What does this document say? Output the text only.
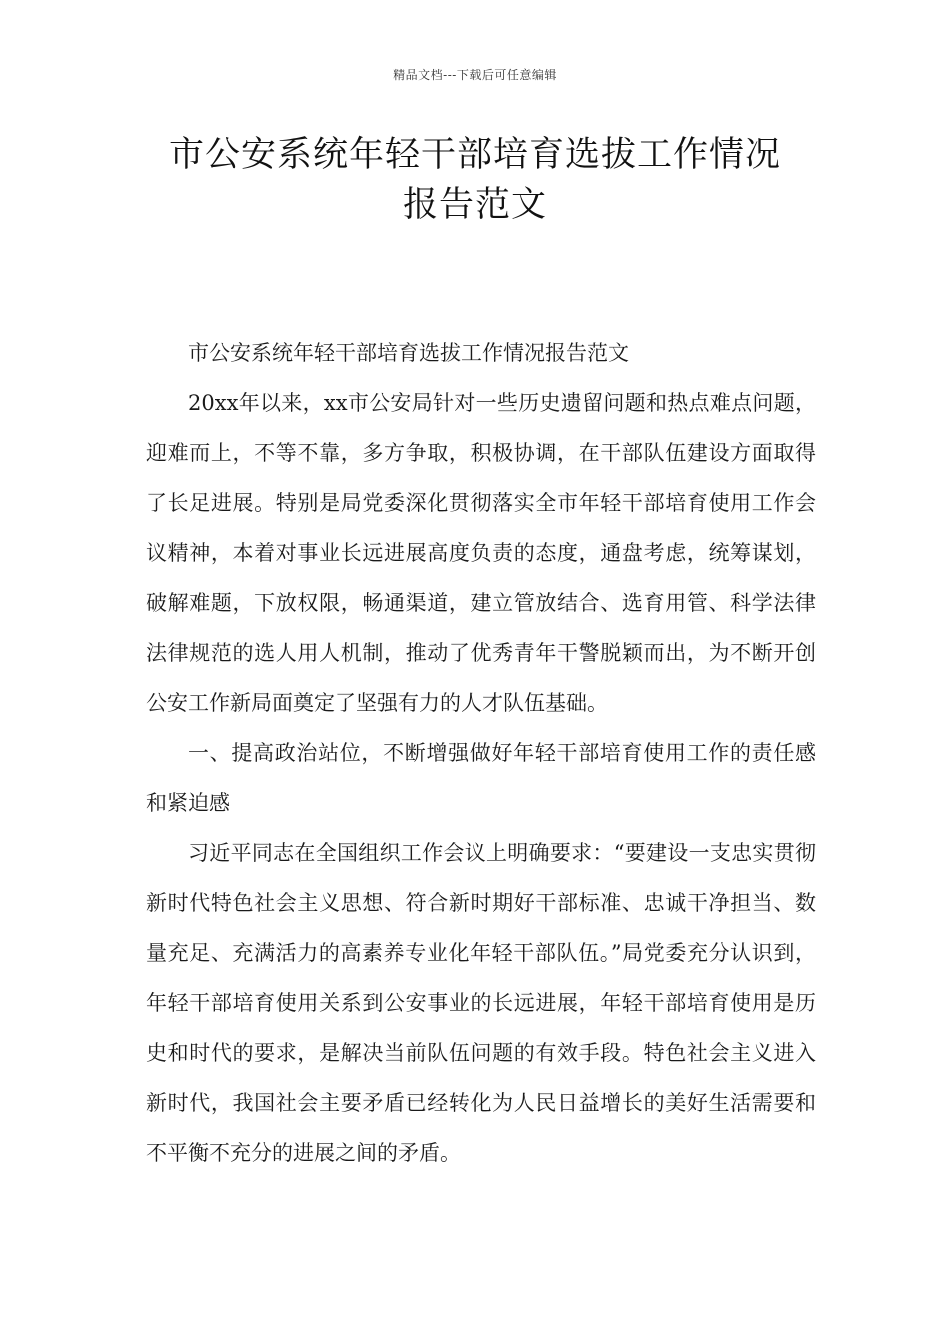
精品文档---下载后可任意编辑
市公安系统年轻干部培育选拔工作情况
报告范文

市公安系统年轻干部培育选拔工作情况报告范文

20xx年以来，xx市公安局针对一些历史遗留问题和热点难点问题，迎难而上，不等不靠，多方争取，积极协调，在干部队伍建设方面取得了长足进展。特别是局党委深化贯彻落实全市年轻干部培育使用工作会议精神，本着对事业长远进展高度负责的态度，通盘考虑，统筹谋划，破解难题，下放权限，畅通渠道，建立管放结合、选育用管、科学法律法律规范的选人用人机制，推动了优秀青年干警脱颖而出，为不断开创公安工作新局面奠定了坚强有力的人才队伍基础。

一、提高政治站位，不断增强做好年轻干部培育使用工作的责任感和紧迫感

习近平同志在全国组织工作会议上明确要求：“要建设一支忠实贯彻新时代特色社会主义思想、符合新时期好干部标准、忠诚干净担当、数量充足、充满活力的高素养专业化年轻干部队伍。”局党委充分认识到，年轻干部培育使用关系到公安事业的长远进展，年轻干部培育使用是历史和时代的要求，是解决当前队伍问题的有效手段。特色社会主义进入新时代，我国社会主要矛盾已经转化为人民日益增长的美好生活需要和不平衡不充分的进展之间的矛盾。
